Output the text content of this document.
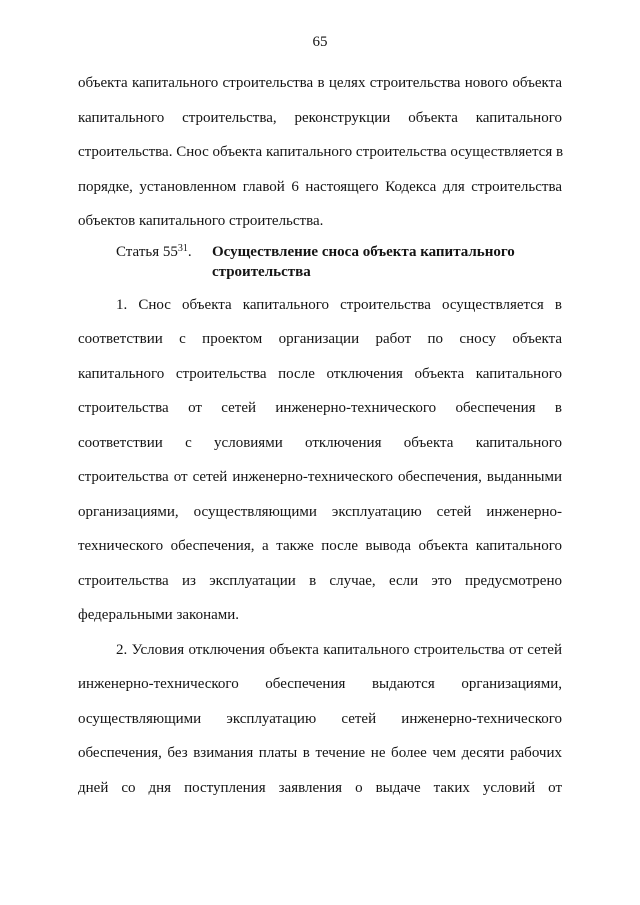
65
объекта капитального строительства в целях строительства нового объекта
капитального строительства, реконструкции объекта капитального
строительства. Снос объекта капитального строительства осуществляется в
порядке, установленном главой 6 настоящего Кодекса для строительства
объектов капитального строительства.
Статья $55^{31}$. Осуществление сноса объекта капитального
строительства
1. Снос объекта капитального строительства осуществляется в
соответствии с проектом организации работ по сносу объекта
капитального строительства после отключения объекта капитального
строительства от сетей инженерно-технического обеспечения в
соответствии с условиями отключения объекта капитального
строительства от сетей инженерно-технического обеспечения, выданными
организациями, осуществляющими эксплуатацию сетей инженерно-
технического обеспечения, а также после вывода объекта капитального
строительства из эксплуатации в случае, если это предусмотрено
федеральными законами.
2. Условия отключения объекта капитального строительства от сетей
инженерно-технического обеспечения выдаются организациями,
осуществляющими эксплуатацию сетей инженерно-технического
обеспечения, без взимания платы в течение не более чем десяти рабочих
дней со дня поступления заявления о выдаче таких условий от
